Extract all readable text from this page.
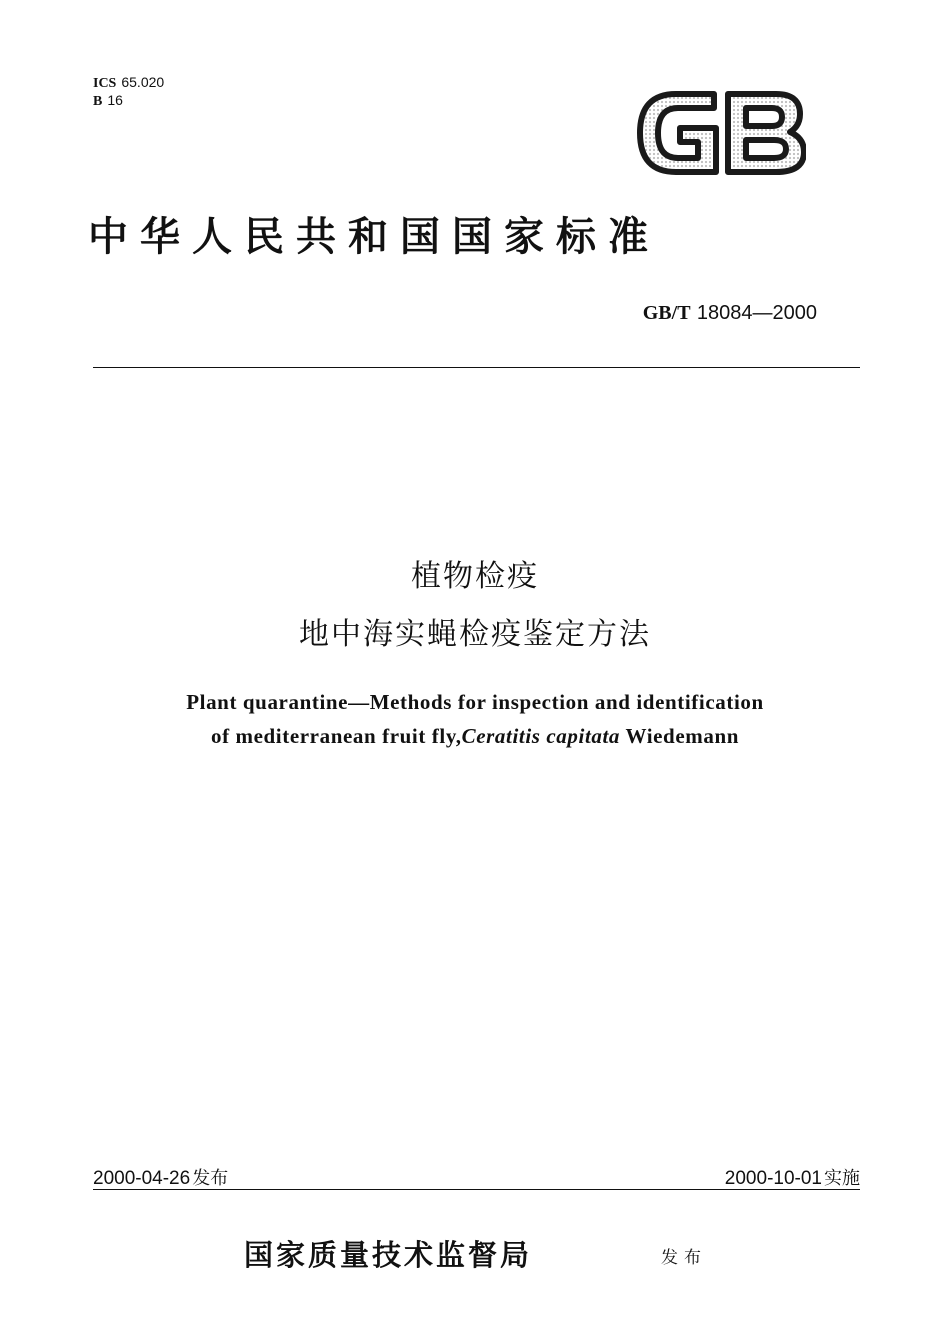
ICS 65.020
B 16
中华人民共和国国家标准
GB/T 18084—2000
植物检疫
地中海实蝇检疫鉴定方法
Plant quarantine—Methods for inspection and identification
of mediterranean fruit fly,Ceratitis capitata Wiedemann
2000-04-26 发布	2000-10-01 实施
国家质量技术监督局	发布
